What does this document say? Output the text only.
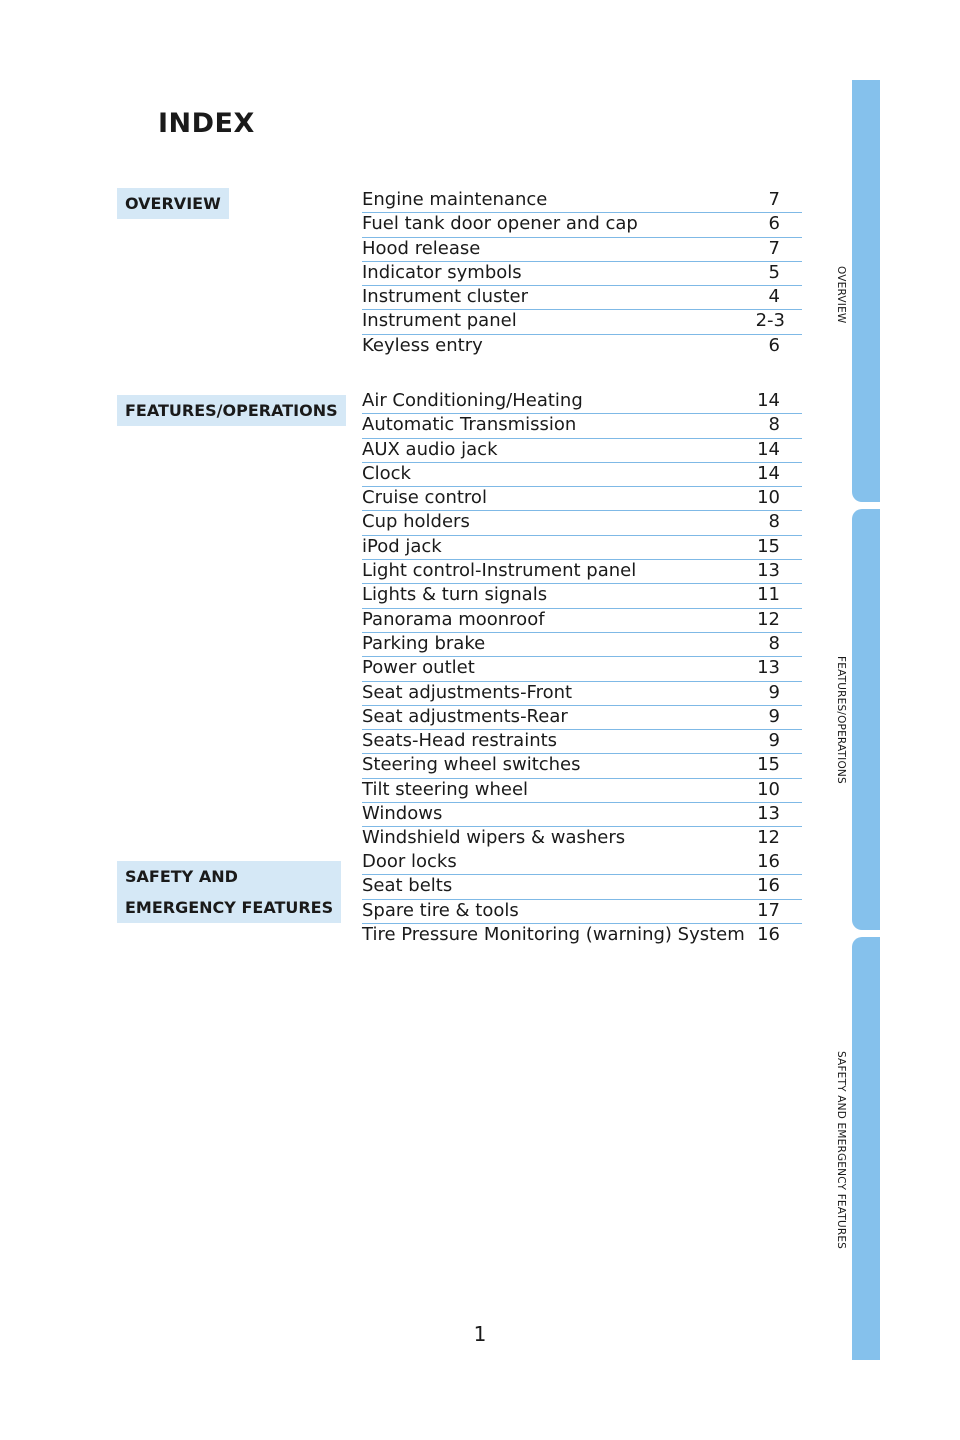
INDEX
OVERVIEW	Engine maintenance	7
Fuel tank door opener and cap	6
Hood release	7
Indicator symbols	5
Instrument cluster	4
Instrument panel	2-3
Keyless entry	6
FEATURES/OPERATIONS Air Conditioning/Heating	14
Automatic Transmission	8
AUX audio jack	14
Clock	14
Cruise control	10
Cup holders	8
iPod jack	15
Light control-Instrument panel	13
Lights & turn signals	11
Panorama moonroof	12
Parking brake	8
Power outlet	13
Seat adjustments-Front	9
Seat adjustments-Rear	9
Seats-Head restraints	9
Steering wheel switches	15
Tilt steering wheel	10
Windows	13
Windshield wipers & washers	12
SAFETY AND
EMERGENCY FEATURES
Door locks	16
Seat belts	16
Spare tire & tools	17
Tire Pressure Monitoring (warning) System 16
1
OVERVIEW
FEATURES/OPERATIONS
SAFETY AND EMERGENCY FEATURES
